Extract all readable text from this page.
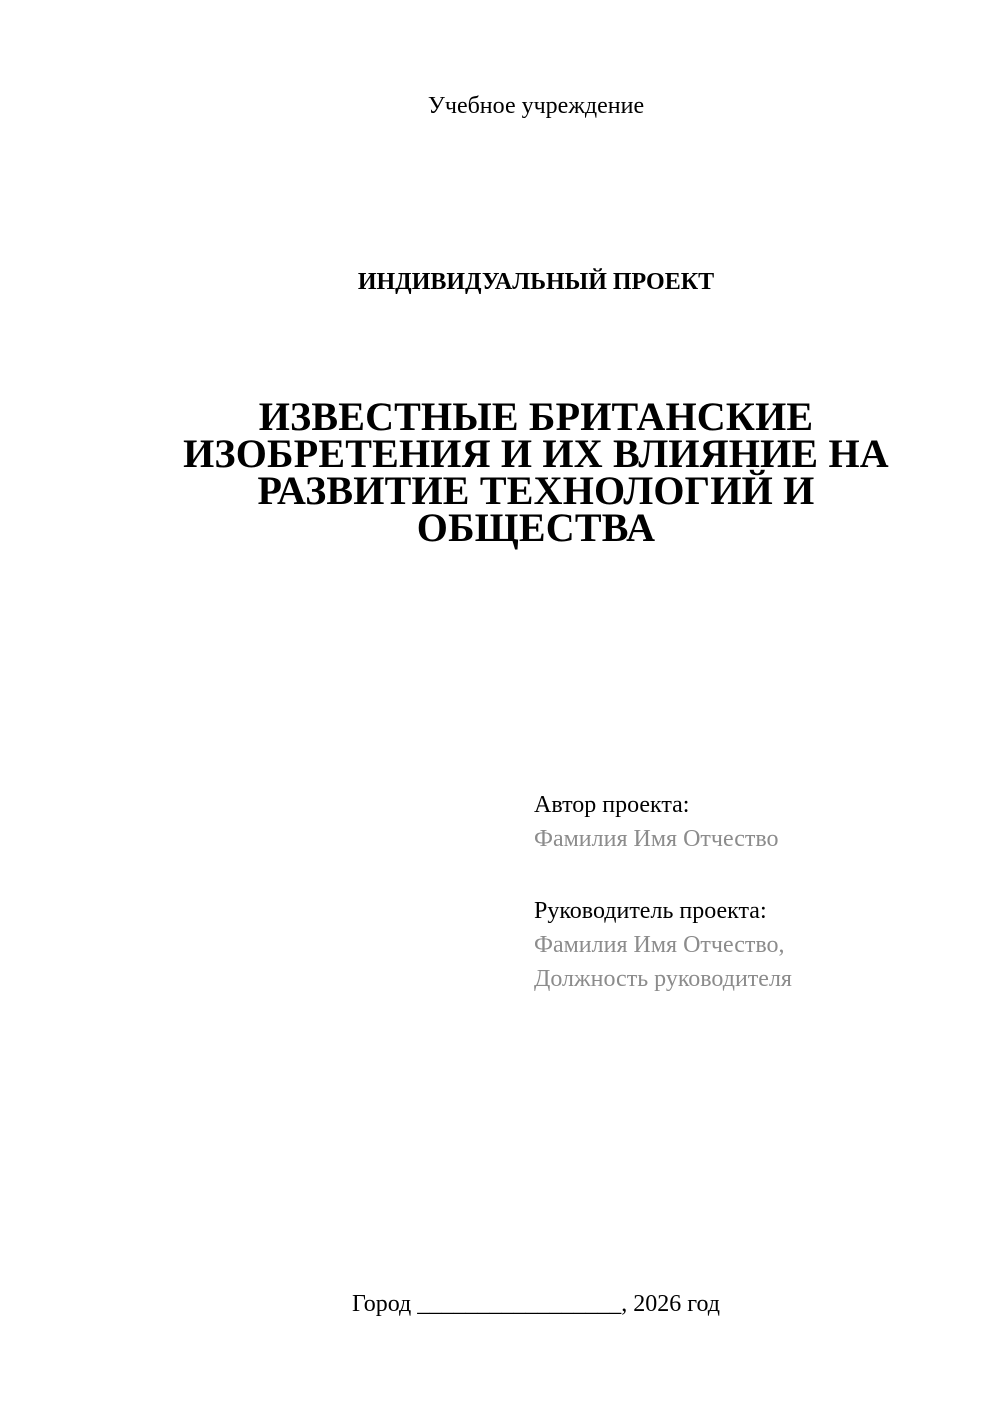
Учебное учреждение
ИНДИВИДУАЛЬНЫЙ ПРОЕКТ
ИЗВЕСТНЫЕ БРИТАНСКИЕ
ИЗОБРЕТЕНИЯ И ИХ ВЛИЯНИЕ НА
РАЗВИТИЕ ТЕХНОЛОГИЙ И
ОБЩЕСТВА
Автор проекта:
Фамилия Имя Отчество
Руководитель проекта:
Фамилия Имя Отчество,
Должность руководителя
Город _________________, 2026 год
